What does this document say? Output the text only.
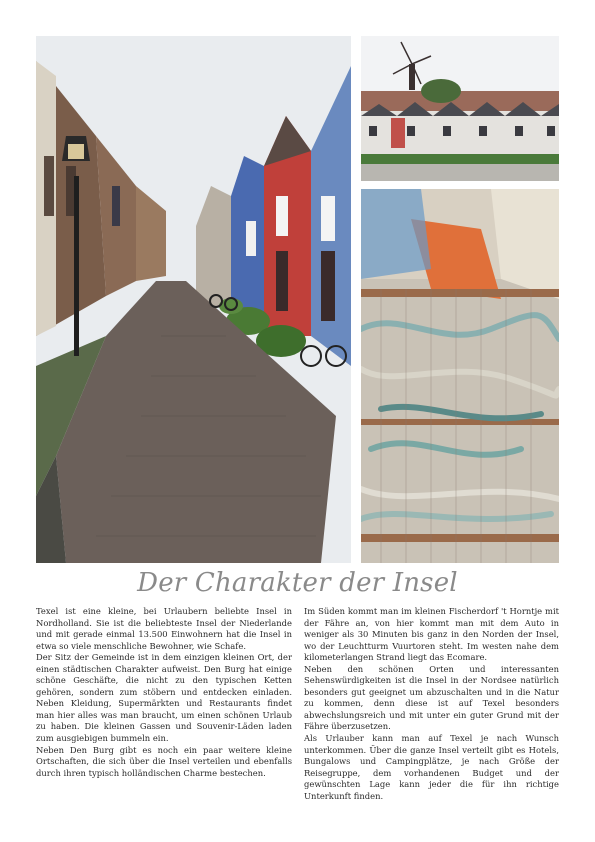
Der Charakter der Insel

Texel ist eine kleine, bei Urlaubern beliebte Insel in Nordholland. Sie ist die beliebteste Insel der Niederlande und mit gerade einmal 13.500 Einwohnern hat die Insel in etwa so viele menschliche Bewohner, wie Schafe.

Der Sitz der Gemeinde ist in dem einzigen kleinen Ort, der einen städtischen Charakter aufweist. Den Burg hat einige schöne Geschäfte, die nicht zu den typischen Ketten gehören, sondern zum stöbern und entdecken einladen. Neben Kleidung, Supermärkten und Restaurants findet man hier alles was man braucht, um einen schönen Urlaub zu haben. Die kleinen Gassen und Souvenir-Läden laden zum ausgiebigen bummeln ein.

Neben Den Burg gibt es noch ein paar weitere kleine Ortschaften, die sich über die Insel verteilen und ebenfalls durch ihren typisch holländischen Charme bestechen.

Im Süden kommt man im kleinen Fischerdorf 't Horntje mit der Fähre an, von hier kommt man mit dem Auto in weniger als 30 Minuten bis ganz in den Norden der Insel, wo der Leuchtturm Vuurtoren steht. Im westen nahe dem kilometerlangen Strand liegt das Ecomare.

Neben den schönen Orten und interessanten Sehenswürdigkeiten ist die Insel in der Nordsee natürlich besonders gut geeignet um abzuschalten und in die Natur zu kommen, denn diese ist auf Texel besonders abwechslungsreich und mit unter ein guter Grund mit der Fähre überzusetzen.

Als Urlauber kann man auf Texel je nach Wunsch unterkommen. Über die ganze Insel verteilt gibt es Hotels, Bungalows und Campingplätze, je nach Größe der Reisegruppe, dem vorhandenen Budget und der gewünschten Lage kann jeder die für ihn richtige Unterkunft finden.
